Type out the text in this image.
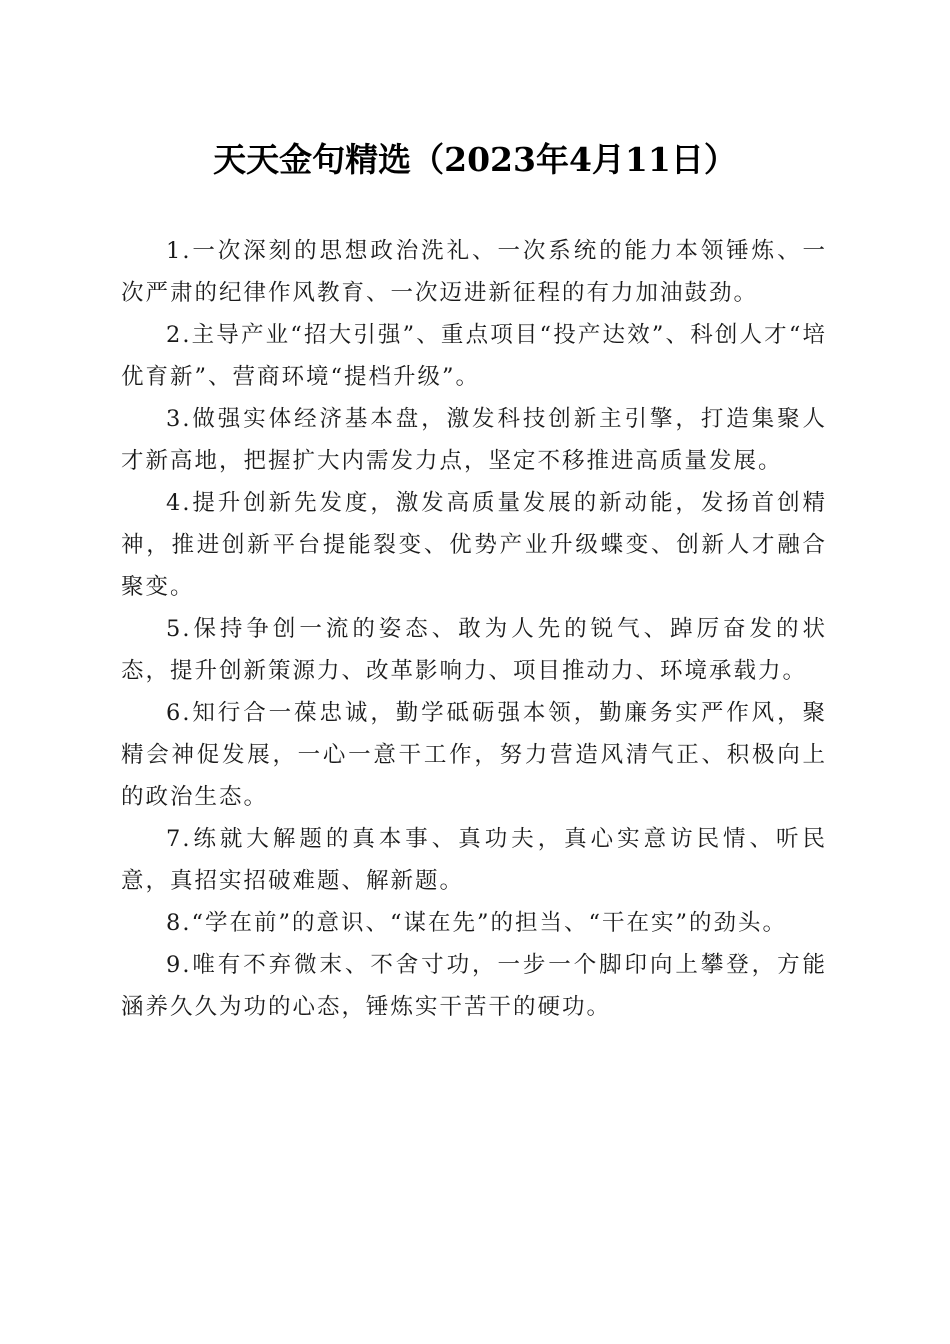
天天金句精选（2023年4月11日）

1.一次深刻的思想政治洗礼、一次系统的能力本领锤炼、一次严肃的纪律作风教育、一次迈进新征程的有力加油鼓劲。

2.主导产业“招大引强”、重点项目“投产达效”、科创人才“培优育新”、营商环境“提档升级”。

3.做强实体经济基本盘，激发科技创新主引擎，打造集聚人才新高地，把握扩大内需发力点，坚定不移推进高质量发展。

4.提升创新先发度，激发高质量发展的新动能，发扬首创精神，推进创新平台提能裂变、优势产业升级蝶变、创新人才融合聚变。

5.保持争创一流的姿态、敢为人先的锐气、踔厉奋发的状态，提升创新策源力、改革影响力、项目推动力、环境承载力。

6.知行合一葆忠诚，勤学砥砺强本领，勤廉务实严作风，聚精会神促发展，一心一意干工作，努力营造风清气正、积极向上的政治生态。

7.练就大解题的真本事、真功夫，真心实意访民情、听民意，真招实招破难题、解新题。

8.“学在前”的意识、“谋在先”的担当、“干在实”的劲头。

9.唯有不弃微末、不舍寸功，一步一个脚印向上攀登，方能涵养久久为功的心态，锤炼实干苦干的硬功。
